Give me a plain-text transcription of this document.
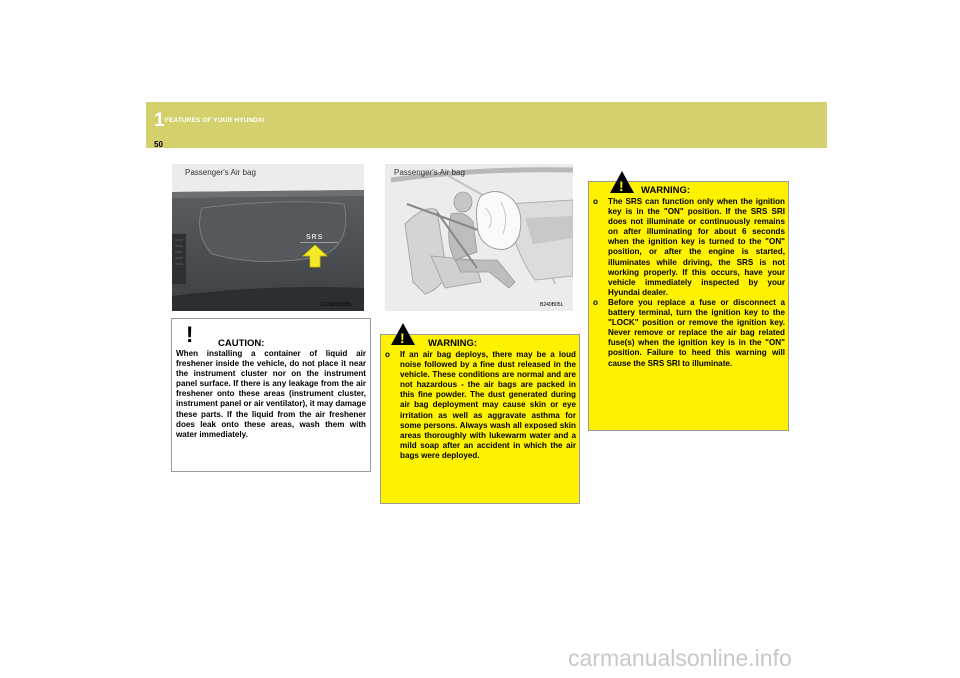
1 FEATURES OF YOUR HYUNDAI
50
SRS
Passenger's Air bag
OCM051009L
Passenger's Air bag
B240B05L
!	CAUTION:

When installing a container of liquid air freshener inside the vehicle, do not place it near the instrument cluster nor on the instrument panel surface. If there is any leakage from the air freshener onto these areas (instrument cluster, instrument panel or air ventilator), it may damage these parts. If the liquid from the air freshener does leak onto these areas, wash them with water immediately.

! WARNING:
o	If an air bag deploys, there may be a loud noise followed by a fine dust released in the vehicle. These conditions are normal and are not hazardous - the air bags are packed in this fine powder. The dust generated during air bag deployment may cause skin or eye irritation as well as aggravate asthma for some persons. Always wash all exposed skin areas thoroughly with lukewarm water and a mild soap after an accident in which the air bags were deployed.

! WARNING:
o	The SRS can function only when the ignition key is in the "ON" position. If the SRS SRI does not illuminate or continuously remains on after illuminating for about 6 seconds when the ignition key is turned to the "ON" position, or after the engine is started, illuminates while driving, the SRS is not working properly. If this occurs, have your vehicle immediately inspected by your Hyundai dealer.

o	Before you replace a fuse or disconnect a battery terminal, turn the ignition key to the "LOCK" position or remove the ignition key. Never remove or replace the air bag related fuse(s) when the ignition key is in the "ON" position. Failure to heed this warning will cause the SRS SRI to illuminate.

carmanualsonline.info
